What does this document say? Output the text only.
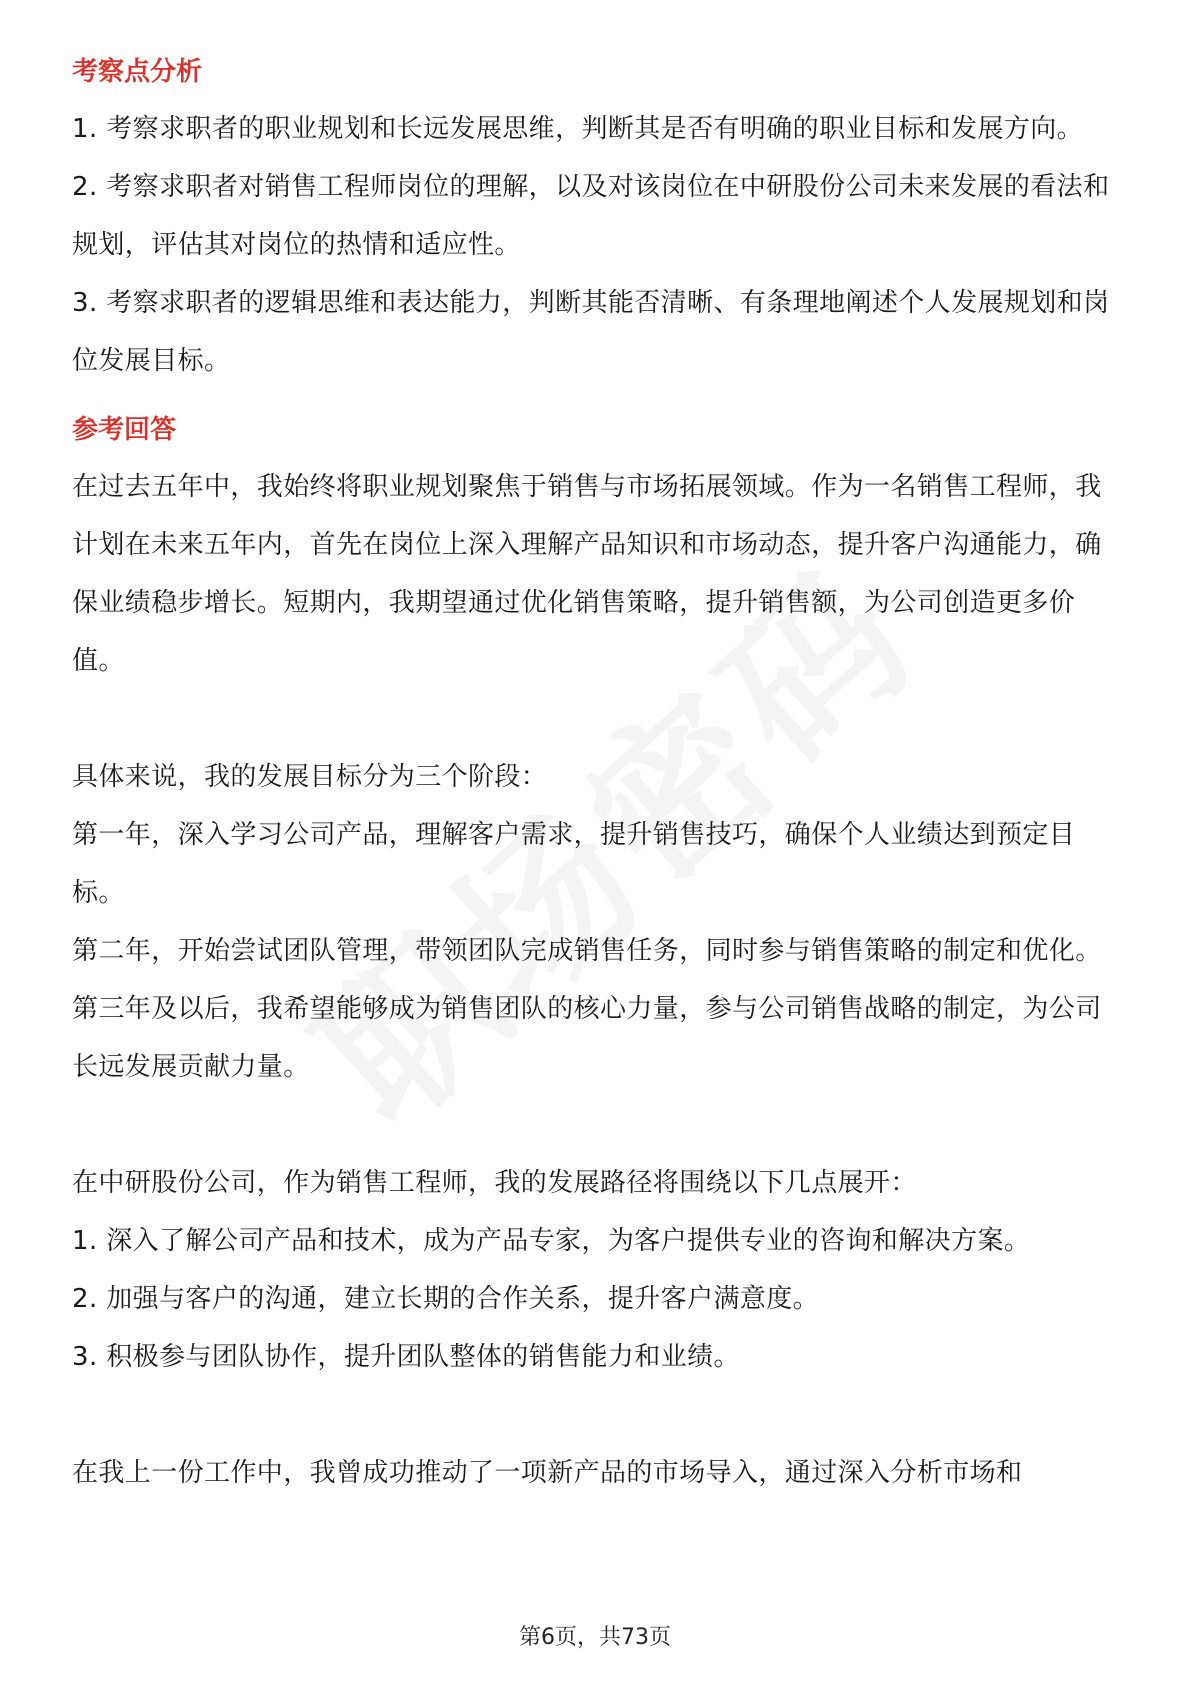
考察点分析

1. 考察求职者的职业规划和长远发展思维，判断其是否有明确的职业目标和发展方向。

2. 考察求职者对销售工程师岗位的理解，以及对该岗位在中研股份公司未来发展的看法和规划，评估其对岗位的热情和适应性。

3. 考察求职者的逻辑思维和表达能力，判断其能否清晰、有条理地阐述个人发展规划和岗位发展目标。

参考回答

在过去五年中，我始终将职业规划聚焦于销售与市场拓展领域。作为一名销售工程师，我计划在未来五年内，首先在岗位上深入理解产品知识和市场动态，提升客户沟通能力，确保业绩稳步增长。短期内，我期望通过优化销售策略，提升销售额，为公司创造更多价值。

具体来说，我的发展目标分为三个阶段：

第一年，深入学习公司产品，理解客户需求，提升销售技巧，确保个人业绩达到预定目标。

第二年，开始尝试团队管理，带领团队完成销售任务，同时参与销售策略的制定和优化。

第三年及以后，我希望能够成为销售团队的核心力量，参与公司销售战略的制定，为公司长远发展贡献力量。

在中研股份公司，作为销售工程师，我的发展路径将围绕以下几点展开：

1. 深入了解公司产品和技术，成为产品专家，为客户提供专业的咨询和解决方案。

2. 加强与客户的沟通，建立长期的合作关系，提升客户满意度。

3. 积极参与团队协作，提升团队整体的销售能力和业绩。

在我上一份工作中，我曾成功推动了一项新产品的市场导入，通过深入分析市场和

第6页，共73页
